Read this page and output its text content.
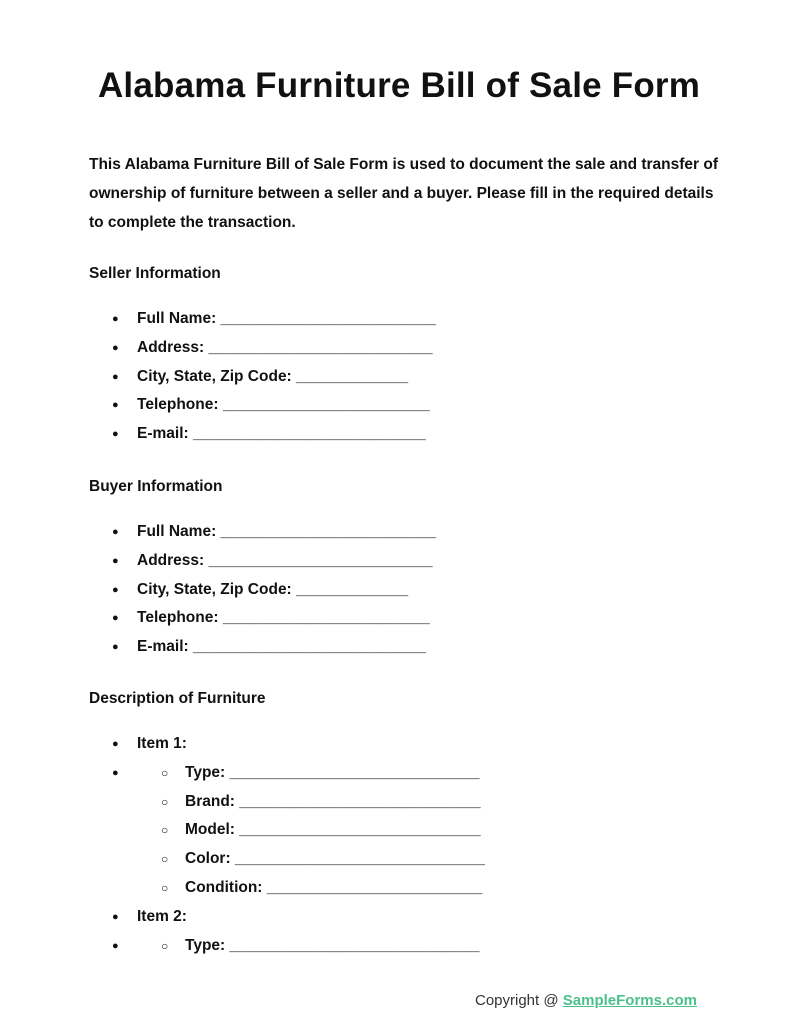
Alabama Furniture Bill of Sale Form

This Alabama Furniture Bill of Sale Form is used to document the sale and transfer of ownership of furniture between a seller and a buyer. Please fill in the required details to complete the transaction.

Seller Information
● Full Name: _________________________
● Address: __________________________
● City, State, Zip Code: _____________
● Telephone: ________________________
● E-mail: ___________________________
Buyer Information
● Full Name: _________________________
● Address: __________________________
● City, State, Zip Code: _____________
● Telephone: ________________________
● E-mail: ___________________________
Description of Furniture
● Item 1:
○ ● Type: _____________________________
○ Brand: ____________________________
○ Model: ____________________________
○ Color: _____________________________
○ Condition: _________________________
● Item 2:
○ ● Type: _____________________________
Copyright @ SampleForms.com
